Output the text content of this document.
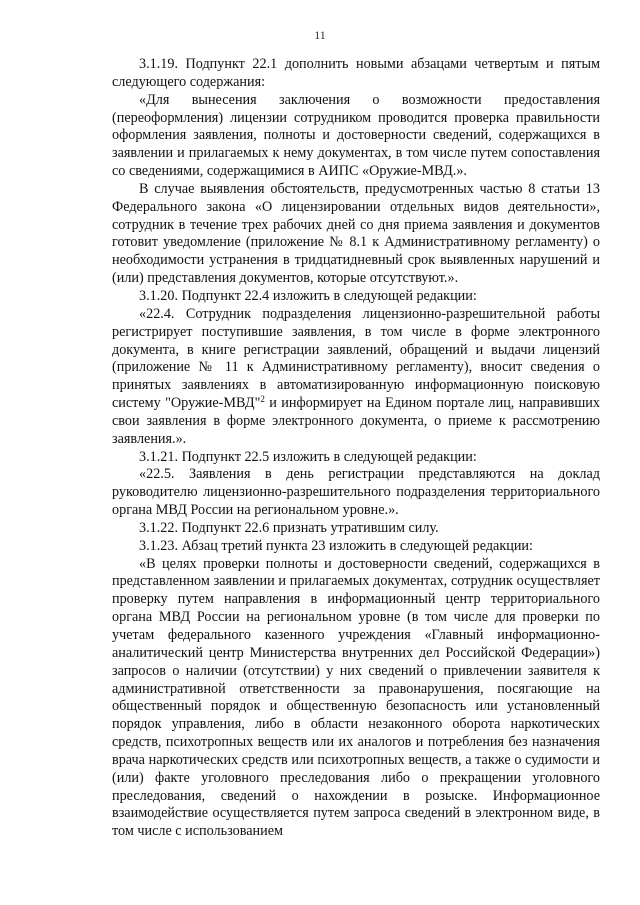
11

3.1.19. Подпункт 22.1 дополнить новыми абзацами четвертым и пятым следующего содержания:

«Для вынесения заключения о возможности предоставления (переоформления) лицензии сотрудником проводится проверка правильности оформления заявления, полноты и достоверности сведений, содержащихся в заявлении и прилагаемых к нему документах, в том числе путем сопоставления со сведениями, содержащимися в АИПС «Оружие-МВД.».

В случае выявления обстоятельств, предусмотренных частью 8 статьи 13 Федерального закона «О лицензировании отдельных видов деятельности», сотрудник в течение трех рабочих дней со дня приема заявления и документов готовит уведомление (приложение № 8.1 к Административному регламенту) о необходимости устранения в тридцатидневный срок выявленных нарушений и (или) представления документов, которые отсутствуют.».

3.1.20. Подпункт 22.4 изложить в следующей редакции:

«22.4. Сотрудник подразделения лицензионно-разрешительной работы регистрирует поступившие заявления, в том числе в форме электронного документа, в книге регистрации заявлений, обращений и выдачи лицензий (приложение № 11 к Административному регламенту), вносит сведения о принятых заявлениях в автоматизированную информационную поисковую систему "Оружие-МВД"$^2$ и информирует на Едином портале лиц, направивших свои заявления в форме электронного документа, о приеме к рассмотрению заявления.».

3.1.21. Подпункт 22.5 изложить в следующей редакции:

«22.5. Заявления в день регистрации представляются на доклад руководителю лицензионно-разрешительного подразделения территориального органа МВД России на региональном уровне.».

3.1.22. Подпункт 22.6 признать утратившим силу.

3.1.23. Абзац третий пункта 23 изложить в следующей редакции:

«В целях проверки полноты и достоверности сведений, содержащихся в представленном заявлении и прилагаемых документах, сотрудник осуществляет проверку путем направления в информационный центр территориального органа МВД России на региональном уровне (в том числе для проверки по учетам федерального казенного учреждения «Главный информационно-аналитический центр Министерства внутренних дел Российской Федерации») запросов о наличии (отсутствии) у них сведений о привлечении заявителя к административной ответственности за правонарушения, посягающие на общественный порядок и общественную безопасность или установленный порядок управления, либо в области незаконного оборота наркотических средств, психотропных веществ или их аналогов и потребления без назначения врача наркотических средств или психотропных веществ, а также о судимости и (или) факте уголовного преследования либо о прекращении уголовного преследования, сведений о нахождении в розыске. Информационное взаимодействие осуществляется путем запроса сведений в электронном виде, в том числе с использованием
